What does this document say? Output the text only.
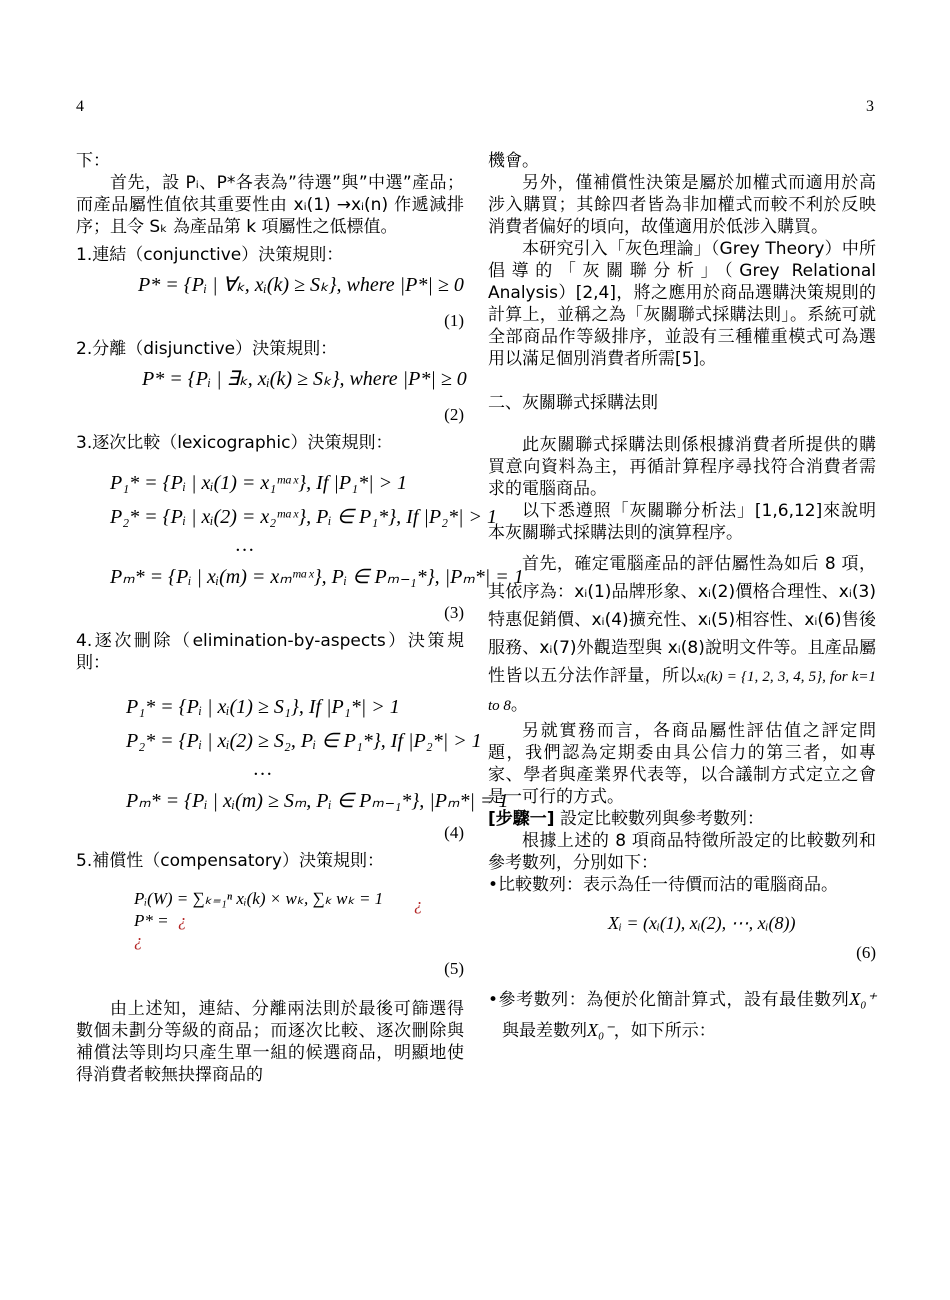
4	3

下：

首先，設 Pᵢ、P*各表為”待選”與”中選”產品；而產品屬性值依其重要性由 xᵢ(1) →xᵢ(n) 作遞減排序；且令 Sₖ 為產品第 k 項屬性之低標值。

1.連結（conjunctive）決策規則：

P* = {Pᵢ | ∀ₖ, xᵢ(k) ≥ Sₖ}, where |P*| ≥ 0
(1)

2.分離（disjunctive）決策規則：

P* = {Pᵢ | ∃ₖ, xᵢ(k) ≥ Sₖ}, where |P*| ≥ 0
(2)

3.逐次比較（lexicographic）決策規則：

P₁* = {Pᵢ | xᵢ(1) = x₁ᵐᵃˣ}, If |P₁*| > 1
P₂* = {Pᵢ | xᵢ(2) = x₂ᵐᵃˣ}, Pᵢ ∈ P₁*}, If |P₂*| > 1
…
Pₘ* = {Pᵢ | xᵢ(m) = xₘᵐᵃˣ}, Pᵢ ∈ Pₘ₋₁*}, |Pₘ*| = 1
(3)

4.逐次刪除（elimination-by-aspects）決策規則：

P₁* = {Pᵢ | xᵢ(1) ≥ S₁}, If |P₁*| > 1
P₂* = {Pᵢ | xᵢ(2) ≥ S₂, Pᵢ ∈ P₁*}, If |P₂*| > 1
…
Pₘ* = {Pᵢ | xᵢ(m) ≥ Sₘ, Pᵢ ∈ Pₘ₋₁*}, |Pₘ*| = 1
(4)

5.補償性（compensatory）決策規則：

Pᵢ(W) = ∑ₖ₌₁ⁿ xᵢ(k) × wₖ, ∑ₖ wₖ = 1 ¿
P* = ¿
¿
(5)

由上述知，連結、分離兩法則於最後可篩選得數個未劃分等級的商品；而逐次比較、逐次刪除與補償法等則均只產生單一組的候選商品，明顯地使得消費者較無抉擇商品的

機會。

另外，僅補償性決策是屬於加權式而適用於高涉入購買；其餘四者皆為非加權式而較不利於反映消費者偏好的頃向，故僅適用於低涉入購買。

本研究引入「灰色理論」（Grey Theory）中所倡導的「灰關聯分析」（Grey Relational Analysis）[2,4]，將之應用於商品選購決策規則的計算上，並稱之為「灰關聯式採購法則」。系統可就全部商品作等級排序，並設有三種權重模式可為選用以滿足個別消費者所需[5]。

二、灰關聯式採購法則

此灰關聯式採購法則係根據消費者所提供的購買意向資料為主，再循計算程序尋找符合消費者需求的電腦商品。

以下悉遵照「灰關聯分析法」[1,6,12]來說明本灰關聯式採購法則的演算程序。

首先，確定電腦產品的評估屬性為如后 8 項，其依序為：xᵢ(1)品牌形象、xᵢ(2)價格合理性、xᵢ(3)特惠促銷價、xᵢ(4)擴充性、xᵢ(5)相容性、xᵢ(6)售後服務、xᵢ(7)外觀造型與 xᵢ(8)說明文件等。且產品屬性皆以五分法作評量，所以xᵢ(k) = {1, 2, 3, 4, 5}, for k=1 to 8。

另就實務而言，各商品屬性評估值之評定問題，我們認為定期委由具公信力的第三者，如專家、學者與產業界代表等，以合議制方式定立之會是一可行的方式。

[步驟一] 設定比較數列與參考數列：

根據上述的 8 項商品特徵所設定的比較數列和參考數列，分別如下：

•比較數列：表示為任一待價而沽的電腦商品。

Xᵢ = (xᵢ(1), xᵢ(2), ⋯, xᵢ(8))
(6)

•參考數列：為便於化簡計算式，設有最佳數列X₀⁺與最差數列X₀⁻，如下所示：
